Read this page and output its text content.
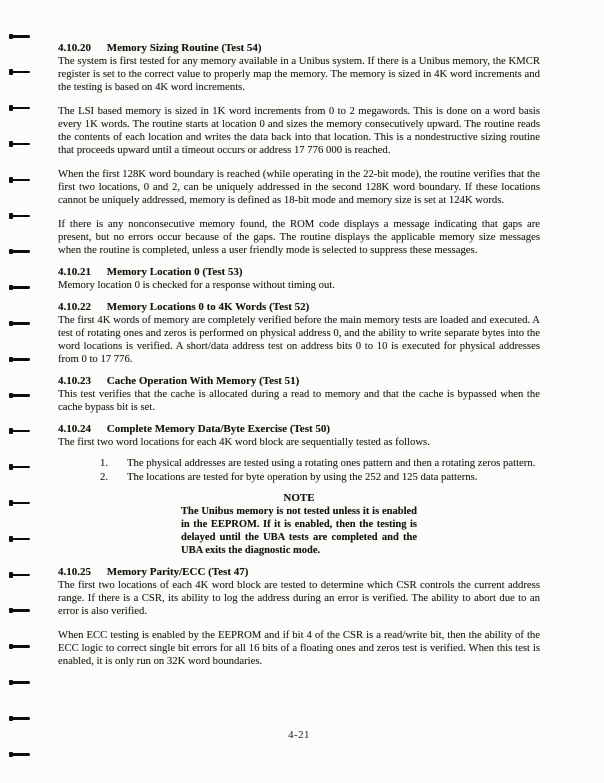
4.10.20 Memory Sizing Routine (Test 54)

The system is first tested for any memory available in a Unibus system. If there is a Unibus memory, the KMCR register is set to the correct value to properly map the memory. The memory is sized in 4K word increments and the testing is based on 4K word increments.

The LSI based memory is sized in 1K word increments from 0 to 2 megawords. This is done on a word basis every 1K words. The routine starts at location 0 and sizes the memory consecutively upward. The routine reads the contents of each location and writes the data back into that location. This is a nondestructive sizing routine that proceeds upward until a timeout occurs or address 17 776 000 is reached.

When the first 128K word boundary is reached (while operating in the 22-bit mode), the routine verifies that the first two locations, 0 and 2, can be uniquely addressed in the second 128K word boundary. If these locations cannot be uniquely addressed, memory is defined as 18-bit mode and memory size is set at 124K words.

If there is any nonconsecutive memory found, the ROM code displays a message indicating that gaps are present, but no errors occur because of the gaps. The routine displays the applicable memory size messages when the routine is completed, unless a user friendly mode is selected to suppress these messages.

4.10.21 Memory Location 0 (Test 53)

Memory location 0 is checked for a response without timing out.

4.10.22 Memory Locations 0 to 4K Words (Test 52)

The first 4K words of memory are completely verified before the main memory tests are loaded and executed. A test of rotating ones and zeros is performed on physical address 0, and the ability to write separate bytes into the word locations is verified. A short/data address test on address bits 0 to 10 is executed for physical addresses from 0 to 17 776.

4.10.23 Cache Operation With Memory (Test 51)

This test verifies that the cache is allocated during a read to memory and that the cache is bypassed when the cache bypass bit is set.

4.10.24 Complete Memory Data/Byte Exercise (Test 50)

The first two word locations for each 4K word block are sequentially tested as follows.

1.	The physical addresses are tested using a rotating ones pattern and then a rotating zeros pattern.
2.	The locations are tested for byte operation by using the 252 and 125 data patterns.
NOTE
The Unibus memory is not tested unless it is enabled in the EEPROM. If it is enabled, then the testing is delayed until the UBA tests are completed and the UBA exits the diagnostic mode.
4.10.25 Memory Parity/ECC (Test 47)

The first two locations of each 4K word block are tested to determine which CSR controls the current address range. If there is a CSR, its ability to log the address during an error is verified. The ability to abort due to an error is also verified.

When ECC testing is enabled by the EEPROM and if bit 4 of the CSR is a read/write bit, then the ability of the ECC logic to correct single bit errors for all 16 bits of a floating ones and zeros test is verified. When this test is enabled, it is only run on 32K word boundaries.

4-21
